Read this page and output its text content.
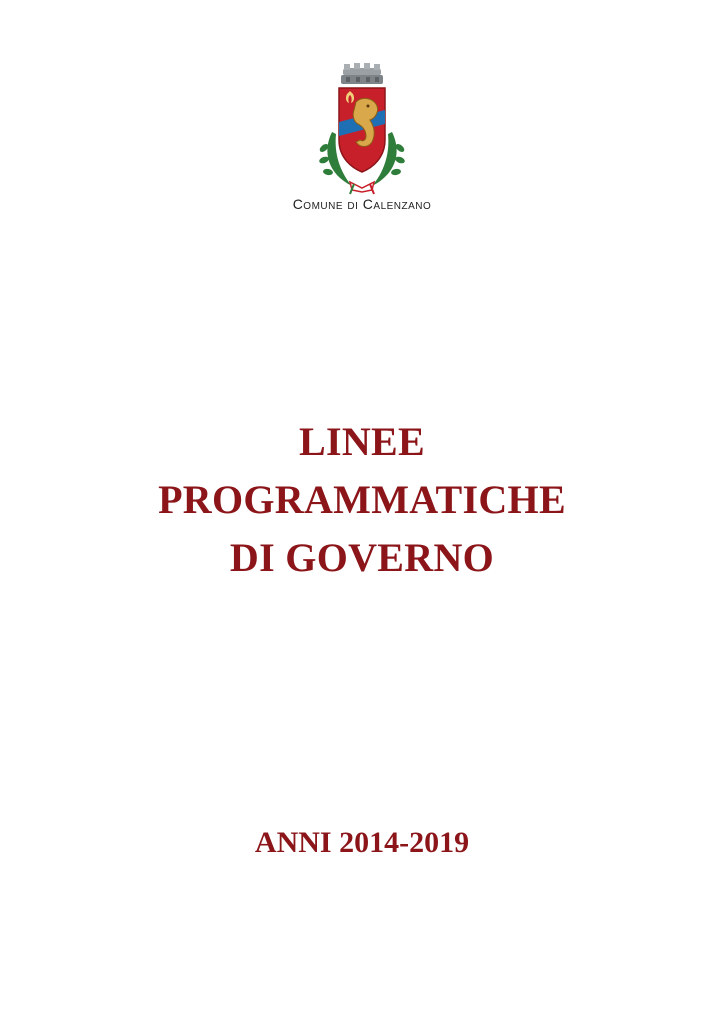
Comune di Calenzano
LINEE
PROGRAMMATICHE
DI GOVERNO
ANNI 2014-2019
